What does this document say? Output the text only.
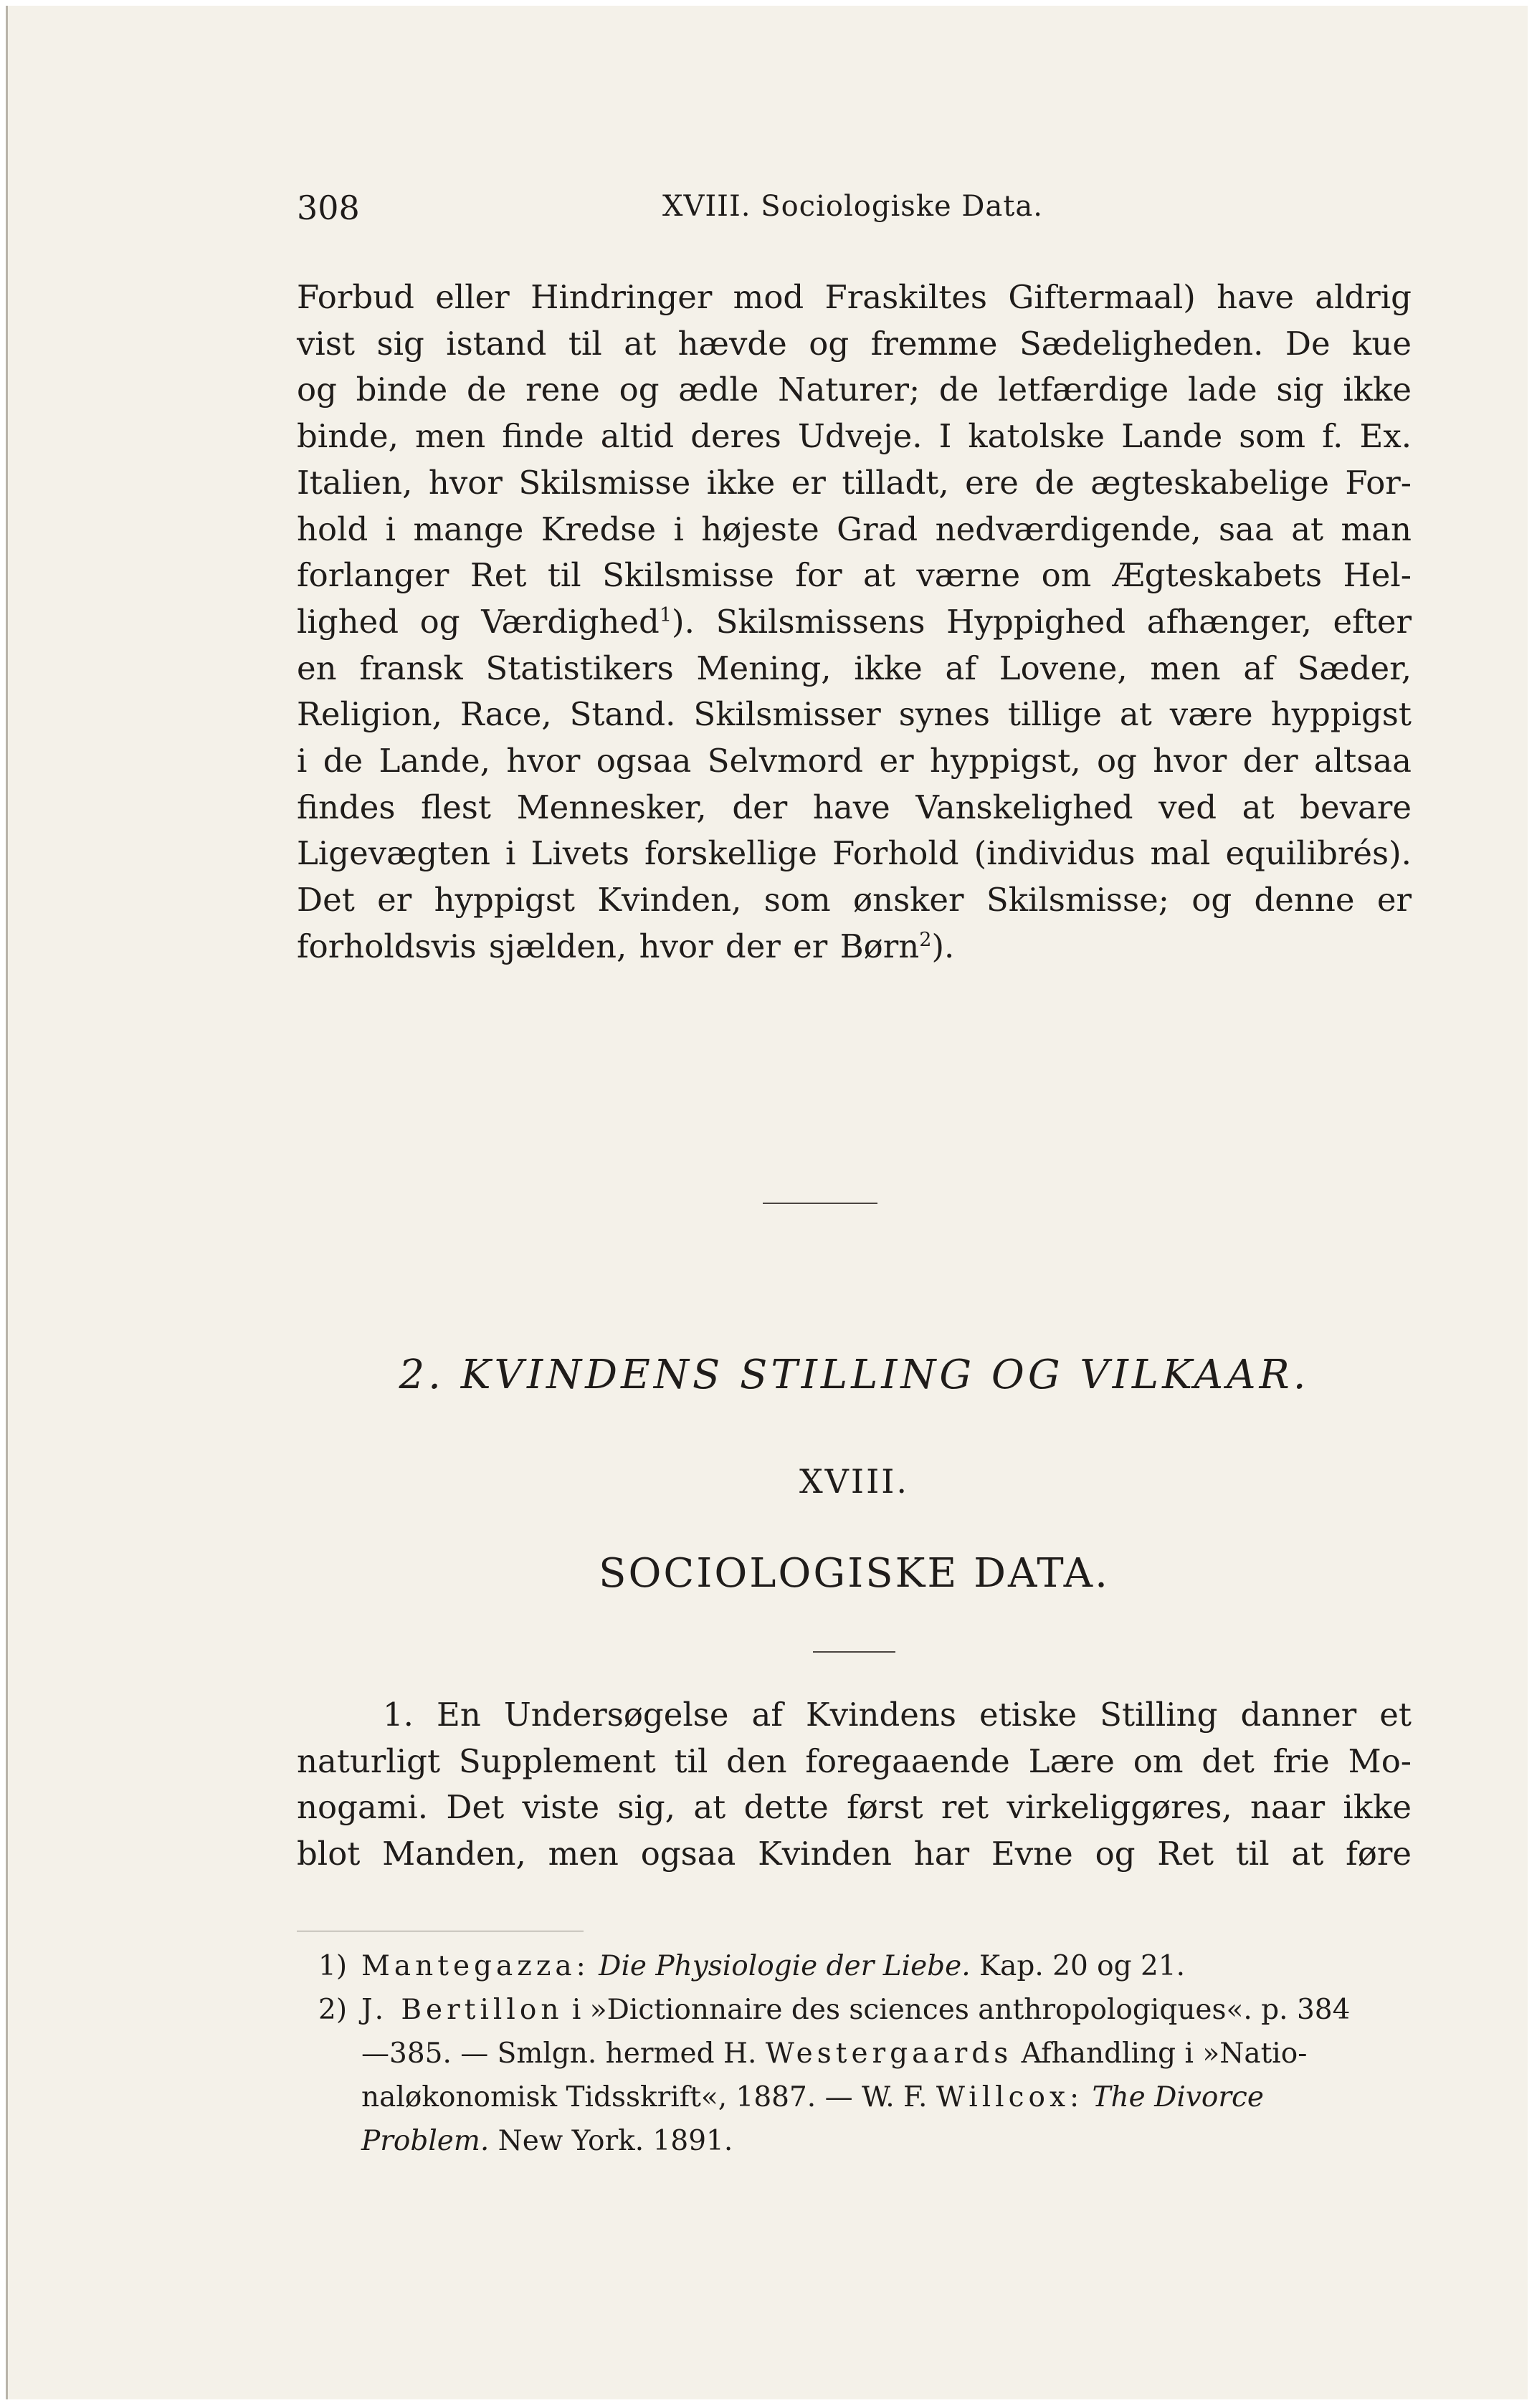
308	XVIII. Sociologiske Data.
Forbud eller Hindringer mod Fraskiltes Giftermaal) have aldrig
vist sig istand til at hævde og fremme Sædeligheden. De kue
og binde de rene og ædle Naturer; de letfærdige lade sig ikke
binde, men finde altid deres Udveje. I katolske Lande som f. Ex.
Italien, hvor Skilsmisse ikke er tilladt, ere de ægteskabelige For-
hold i mange Kredse i højeste Grad nedværdigende, saa at man
forlanger Ret til Skilsmisse for at værne om Ægteskabets Hel-
lighed og Værdighed$^1$). Skilsmissens Hyppighed afhænger, efter
en fransk Statistikers Mening, ikke af Lovene, men af Sæder,
Religion, Race, Stand. Skilsmisser synes tillige at være hyppigst
i de Lande, hvor ogsaa Selvmord er hyppigst, og hvor der altsaa
findes flest Mennesker, der have Vanskelighed ved at bevare
Ligevægten i Livets forskellige Forhold (individus mal equilibrés).
Det er hyppigst Kvinden, som ønsker Skilsmisse; og denne er
forholdsvis sjælden, hvor der er Børn$^2$).
2. KVINDENS STILLING OG VILKAAR.
XVIII.
SOCIOLOGISKE DATA.
1. En Undersøgelse af Kvindens etiske Stilling danner et
naturligt Supplement til den foregaaende Lære om det frie Mo-
nogami. Det viste sig, at dette først ret virkeliggøres, naar ikke
blot Manden, men ogsaa Kvinden har Evne og Ret til at føre
1) Mantegazza: Die Physiologie der Liebe. Kap. 20 og 21.
2) J. Bertillon i »Dictionnaire des sciences anthropologiques«. p. 384
—385. — Smlgn. hermed H. Westergaards Afhandling i »Natio-
naløkonomisk Tidsskrift«, 1887. — W. F. Willcox: The Divorce
Problem. New York. 1891.
